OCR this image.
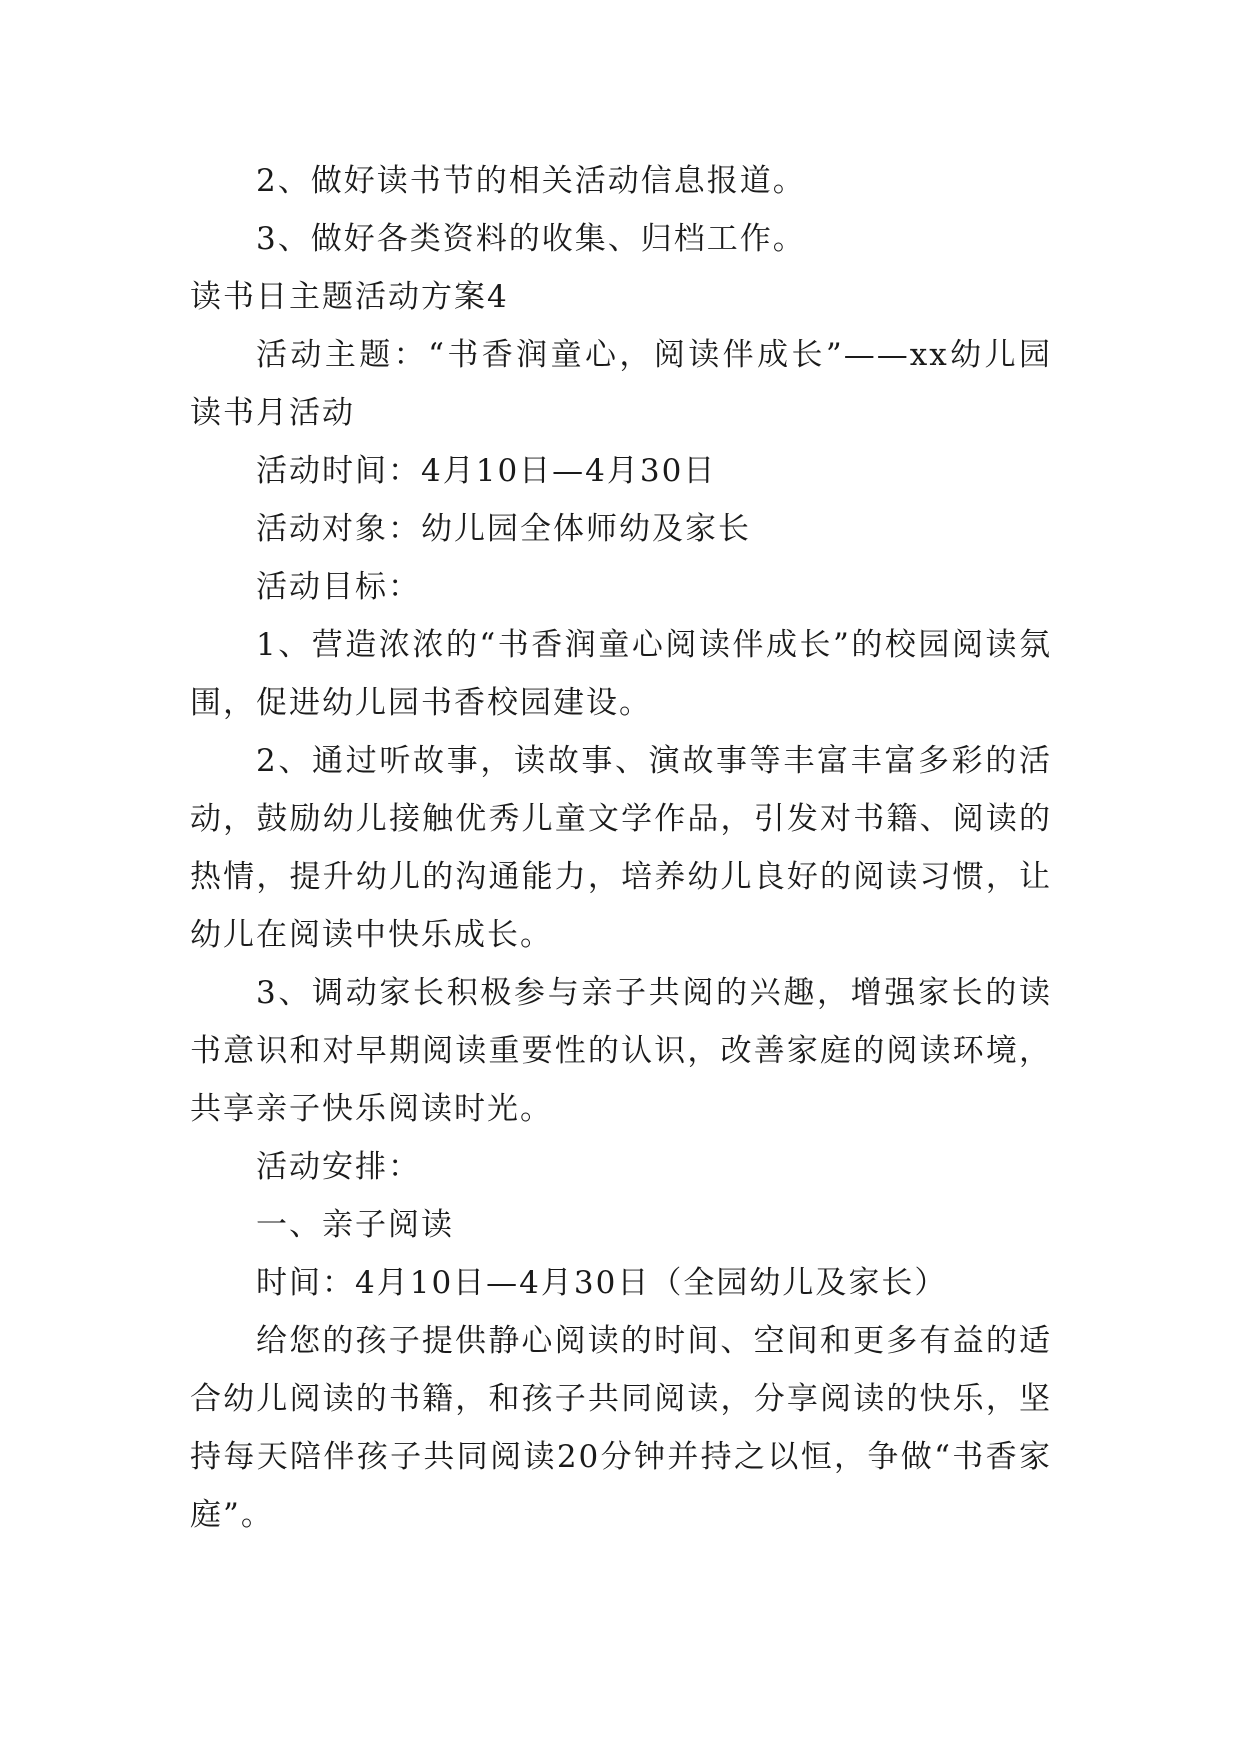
2、做好读书节的相关活动信息报道。

3、做好各类资料的收集、归档工作。

读书日主题活动方案4

活动主题：“书香润童心，阅读伴成长”——xx幼儿园读书月活动

活动时间：4月10日—4月30日

活动对象：幼儿园全体师幼及家长

活动目标：

1、营造浓浓的“书香润童心阅读伴成长”的校园阅读氛围，促进幼儿园书香校园建设。

2、通过听故事，读故事、演故事等丰富丰富多彩的活动，鼓励幼儿接触优秀儿童文学作品，引发对书籍、阅读的热情，提升幼儿的沟通能力，培养幼儿良好的阅读习惯，让幼儿在阅读中快乐成长。

3、调动家长积极参与亲子共阅的兴趣，增强家长的读书意识和对早期阅读重要性的认识，改善家庭的阅读环境，共享亲子快乐阅读时光。

活动安排：

一、亲子阅读

时间：4月10日—4月30日（全园幼儿及家长）

给您的孩子提供静心阅读的时间、空间和更多有益的适合幼儿阅读的书籍，和孩子共同阅读，分享阅读的快乐，坚持每天陪伴孩子共同阅读20分钟并持之以恒，争做“书香家庭”。
